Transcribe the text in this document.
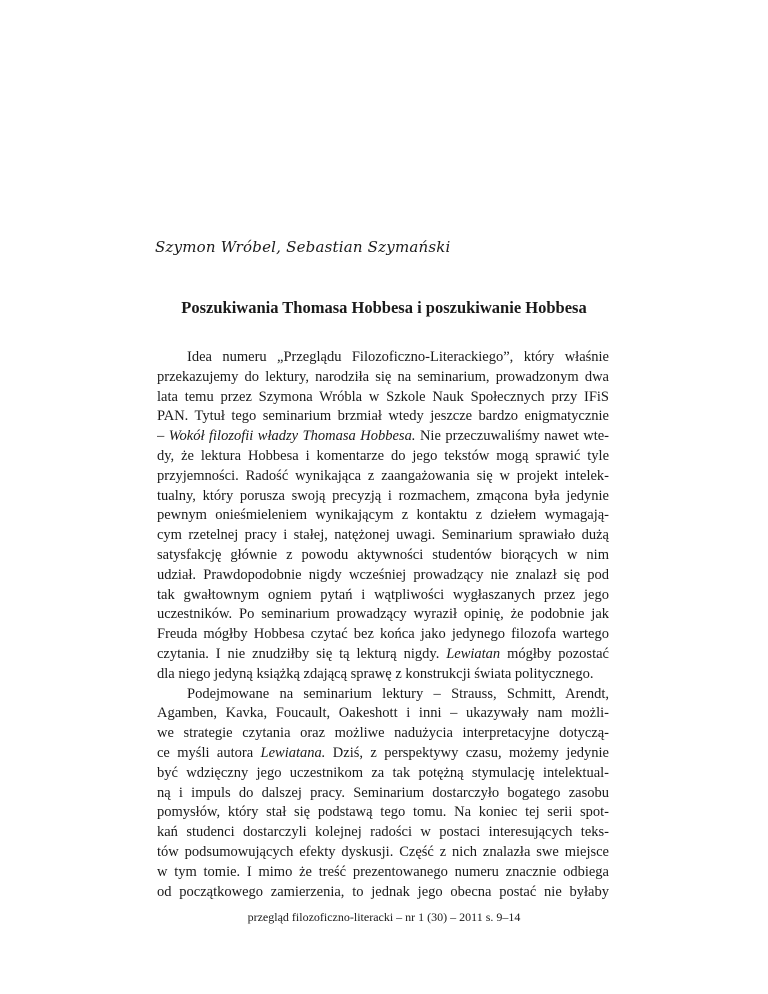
Szymon Wróbel, Sebastian Szymański
Poszukiwania Thomasa Hobbesa i poszukiwanie Hobbesa
Idea numeru „Przeglądu Filozoficzno-Literackiego”, który właśnie
przekazujemy do lektury, narodziła się na seminarium, prowadzonym dwa
lata temu przez Szymona Wróbla w Szkole Nauk Społecznych przy IFiS
PAN. Tytuł tego seminarium brzmiał wtedy jeszcze bardzo enigmatycznie
– Wokół filozofii władzy Thomasa Hobbesa. Nie przeczuwaliśmy nawet wte-
dy, że lektura Hobbesa i komentarze do jego tekstów mogą sprawić tyle
przyjemności. Radość wynikająca z zaangażowania się w projekt intelek-
tualny, który porusza swoją precyzją i rozmachem, zmącona była jedynie
pewnym onieśmieleniem wynikającym z kontaktu z dziełem wymagają-
cym rzetelnej pracy i stałej, natężonej uwagi. Seminarium sprawiało dużą
satysfakcję głównie z powodu aktywności studentów biorących w nim
udział. Prawdopodobnie nigdy wcześniej prowadzący nie znalazł się pod
tak gwałtownym ogniem pytań i wątpliwości wygłaszanych przez jego
uczestników. Po seminarium prowadzący wyraził opinię, że podobnie jak
Freuda mógłby Hobbesa czytać bez końca jako jedynego filozofa wartego
czytania. I nie znudziłby się tą lekturą nigdy. Lewiatan mógłby pozostać
dla niego jedyną książką zdającą sprawę z konstrukcji świata politycznego.
Podejmowane na seminarium lektury – Strauss, Schmitt, Arendt,
Agamben, Kavka, Foucault, Oakeshott i inni – ukazywały nam możli-
we strategie czytania oraz możliwe nadużycia interpretacyjne dotyczą-
ce myśli autora Lewiatana. Dziś, z perspektywy czasu, możemy jedynie
być wdzięczny jego uczestnikom za tak potężną stymulację intelektual-
ną i impuls do dalszej pracy. Seminarium dostarczyło bogatego zasobu
pomysłów, który stał się podstawą tego tomu. Na koniec tej serii spot-
kań studenci dostarczyli kolejnej radości w postaci interesujących teks-
tów podsumowujących efekty dyskusji. Część z nich znalazła swe miejsce
w tym tomie. I mimo że treść prezentowanego numeru znacznie odbiega
od początkowego zamierzenia, to jednak jego obecna postać nie byłaby
przegląd filozoficzno-literacki – nr 1 (30) – 2011 s. 9–14
